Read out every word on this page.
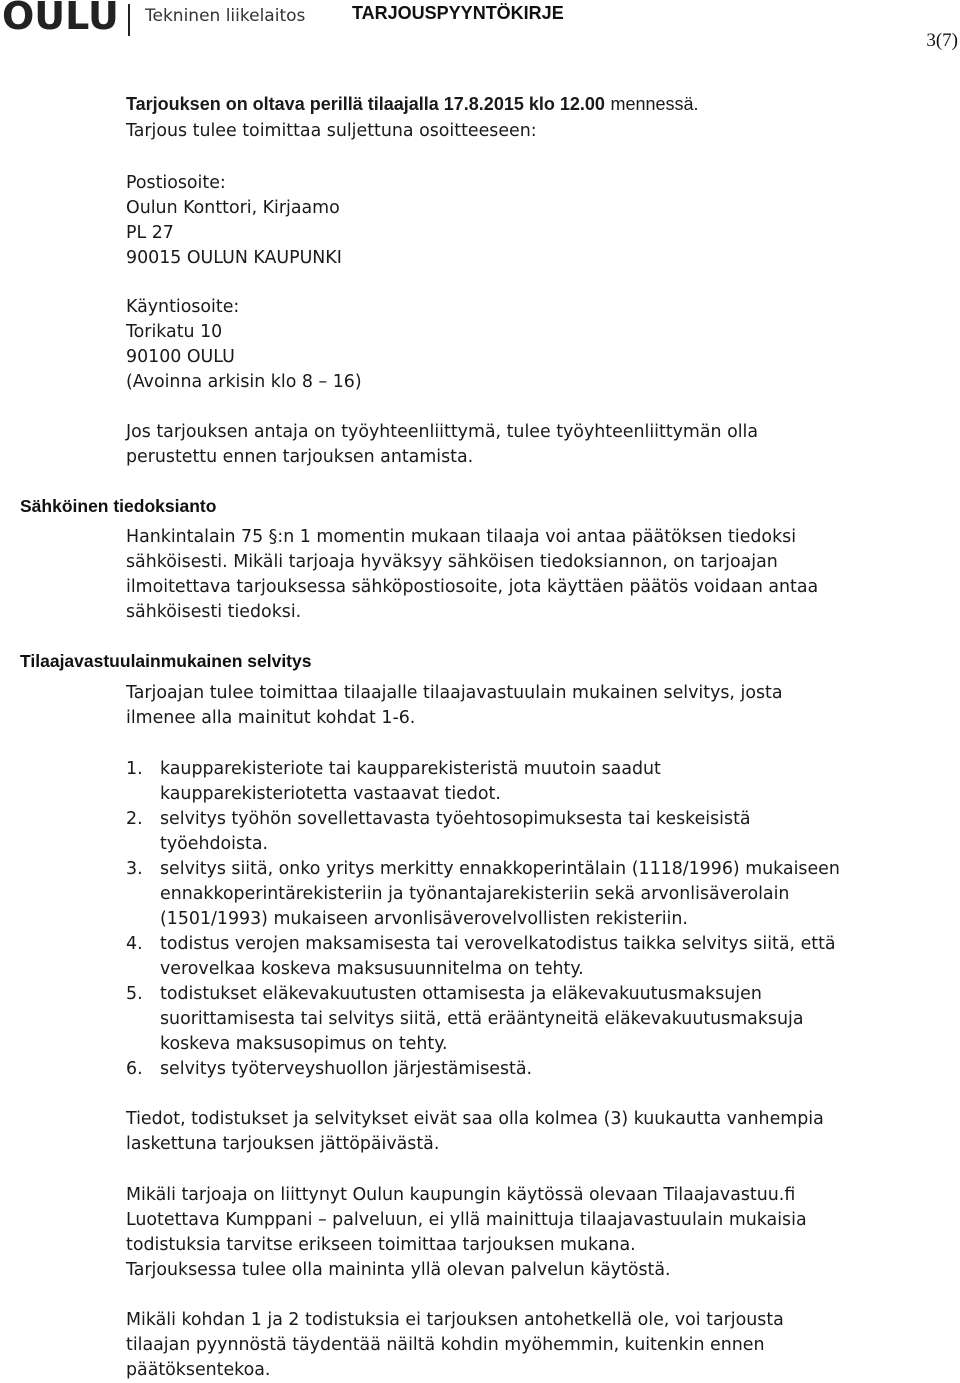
OULU Tekninen liikelaitos	TARJOUSPYYNTÖKIRJE
3(7)
Tarjouksen on oltava perillä tilaajalla 17.8.2015 klo 12.00 mennessä.
Tarjous tulee toimittaa suljettuna osoitteeseen:
Postiosoite:
Oulun Konttori, Kirjaamo
PL 27
90015 OULUN KAUPUNKI
Käyntiosoite:
Torikatu 10
90100 OULU
(Avoinna arkisin klo 8 – 16)
Jos tarjouksen antaja on työyhteenliittymä, tulee työyhteenliittymän olla
perustettu ennen tarjouksen antamista.
Sähköinen tiedoksianto
Hankintalain 75 §:n 1 momentin mukaan tilaaja voi antaa päätöksen tiedoksi
sähköisesti. Mikäli tarjoaja hyväksyy sähköisen tiedoksiannon, on tarjoajan
ilmoitettava tarjouksessa sähköpostiosoite, jota käyttäen päätös voidaan antaa
sähköisesti tiedoksi.
Tilaajavastuulainmukainen selvitys
Tarjoajan tulee toimittaa tilaajalle tilaajavastuulain mukainen selvitys, josta
ilmenee alla mainitut kohdat 1-6.
1. kaupparekisteriote tai kaupparekisteristä muutoin saadut
kaupparekisteriotetta vastaavat tiedot.
2. selvitys työhön sovellettavasta työehtosopimuksesta tai keskeisistä
työehdoista.
3. selvitys siitä, onko yritys merkitty ennakkoperintälain (1118/1996) mukaiseen
ennakkoperintärekisteriin ja työnantajarekisteriin sekä arvonlisäverolain
(1501/1993) mukaiseen arvonlisäverovelvollisten rekisteriin.
4. todistus verojen maksamisesta tai verovelkatodistus taikka selvitys siitä, että
verovelkaa koskeva maksusuunnitelma on tehty.
5. todistukset eläkevakuutusten ottamisesta ja eläkevakuutusmaksujen
suorittamisesta tai selvitys siitä, että erääntyneitä eläkevakuutusmaksuja
koskeva maksusopimus on tehty.
6. selvitys työterveyshuollon järjestämisestä.
Tiedot, todistukset ja selvitykset eivät saa olla kolmea (3) kuukautta vanhempia
laskettuna tarjouksen jättöpäivästä.
Mikäli tarjoaja on liittynyt Oulun kaupungin käytössä olevaan Tilaajavastuu.fi
Luotettava Kumppani – palveluun, ei yllä mainittuja tilaajavastuulain mukaisia
todistuksia tarvitse erikseen toimittaa tarjouksen mukana.
Tarjouksessa tulee olla maininta yllä olevan palvelun käytöstä.
Mikäli kohdan 1 ja 2 todistuksia ei tarjouksen antohetkellä ole, voi tarjousta
tilaajan pyynnöstä täydentää näiltä kohdin myöhemmin, kuitenkin ennen
päätöksentekoa.
